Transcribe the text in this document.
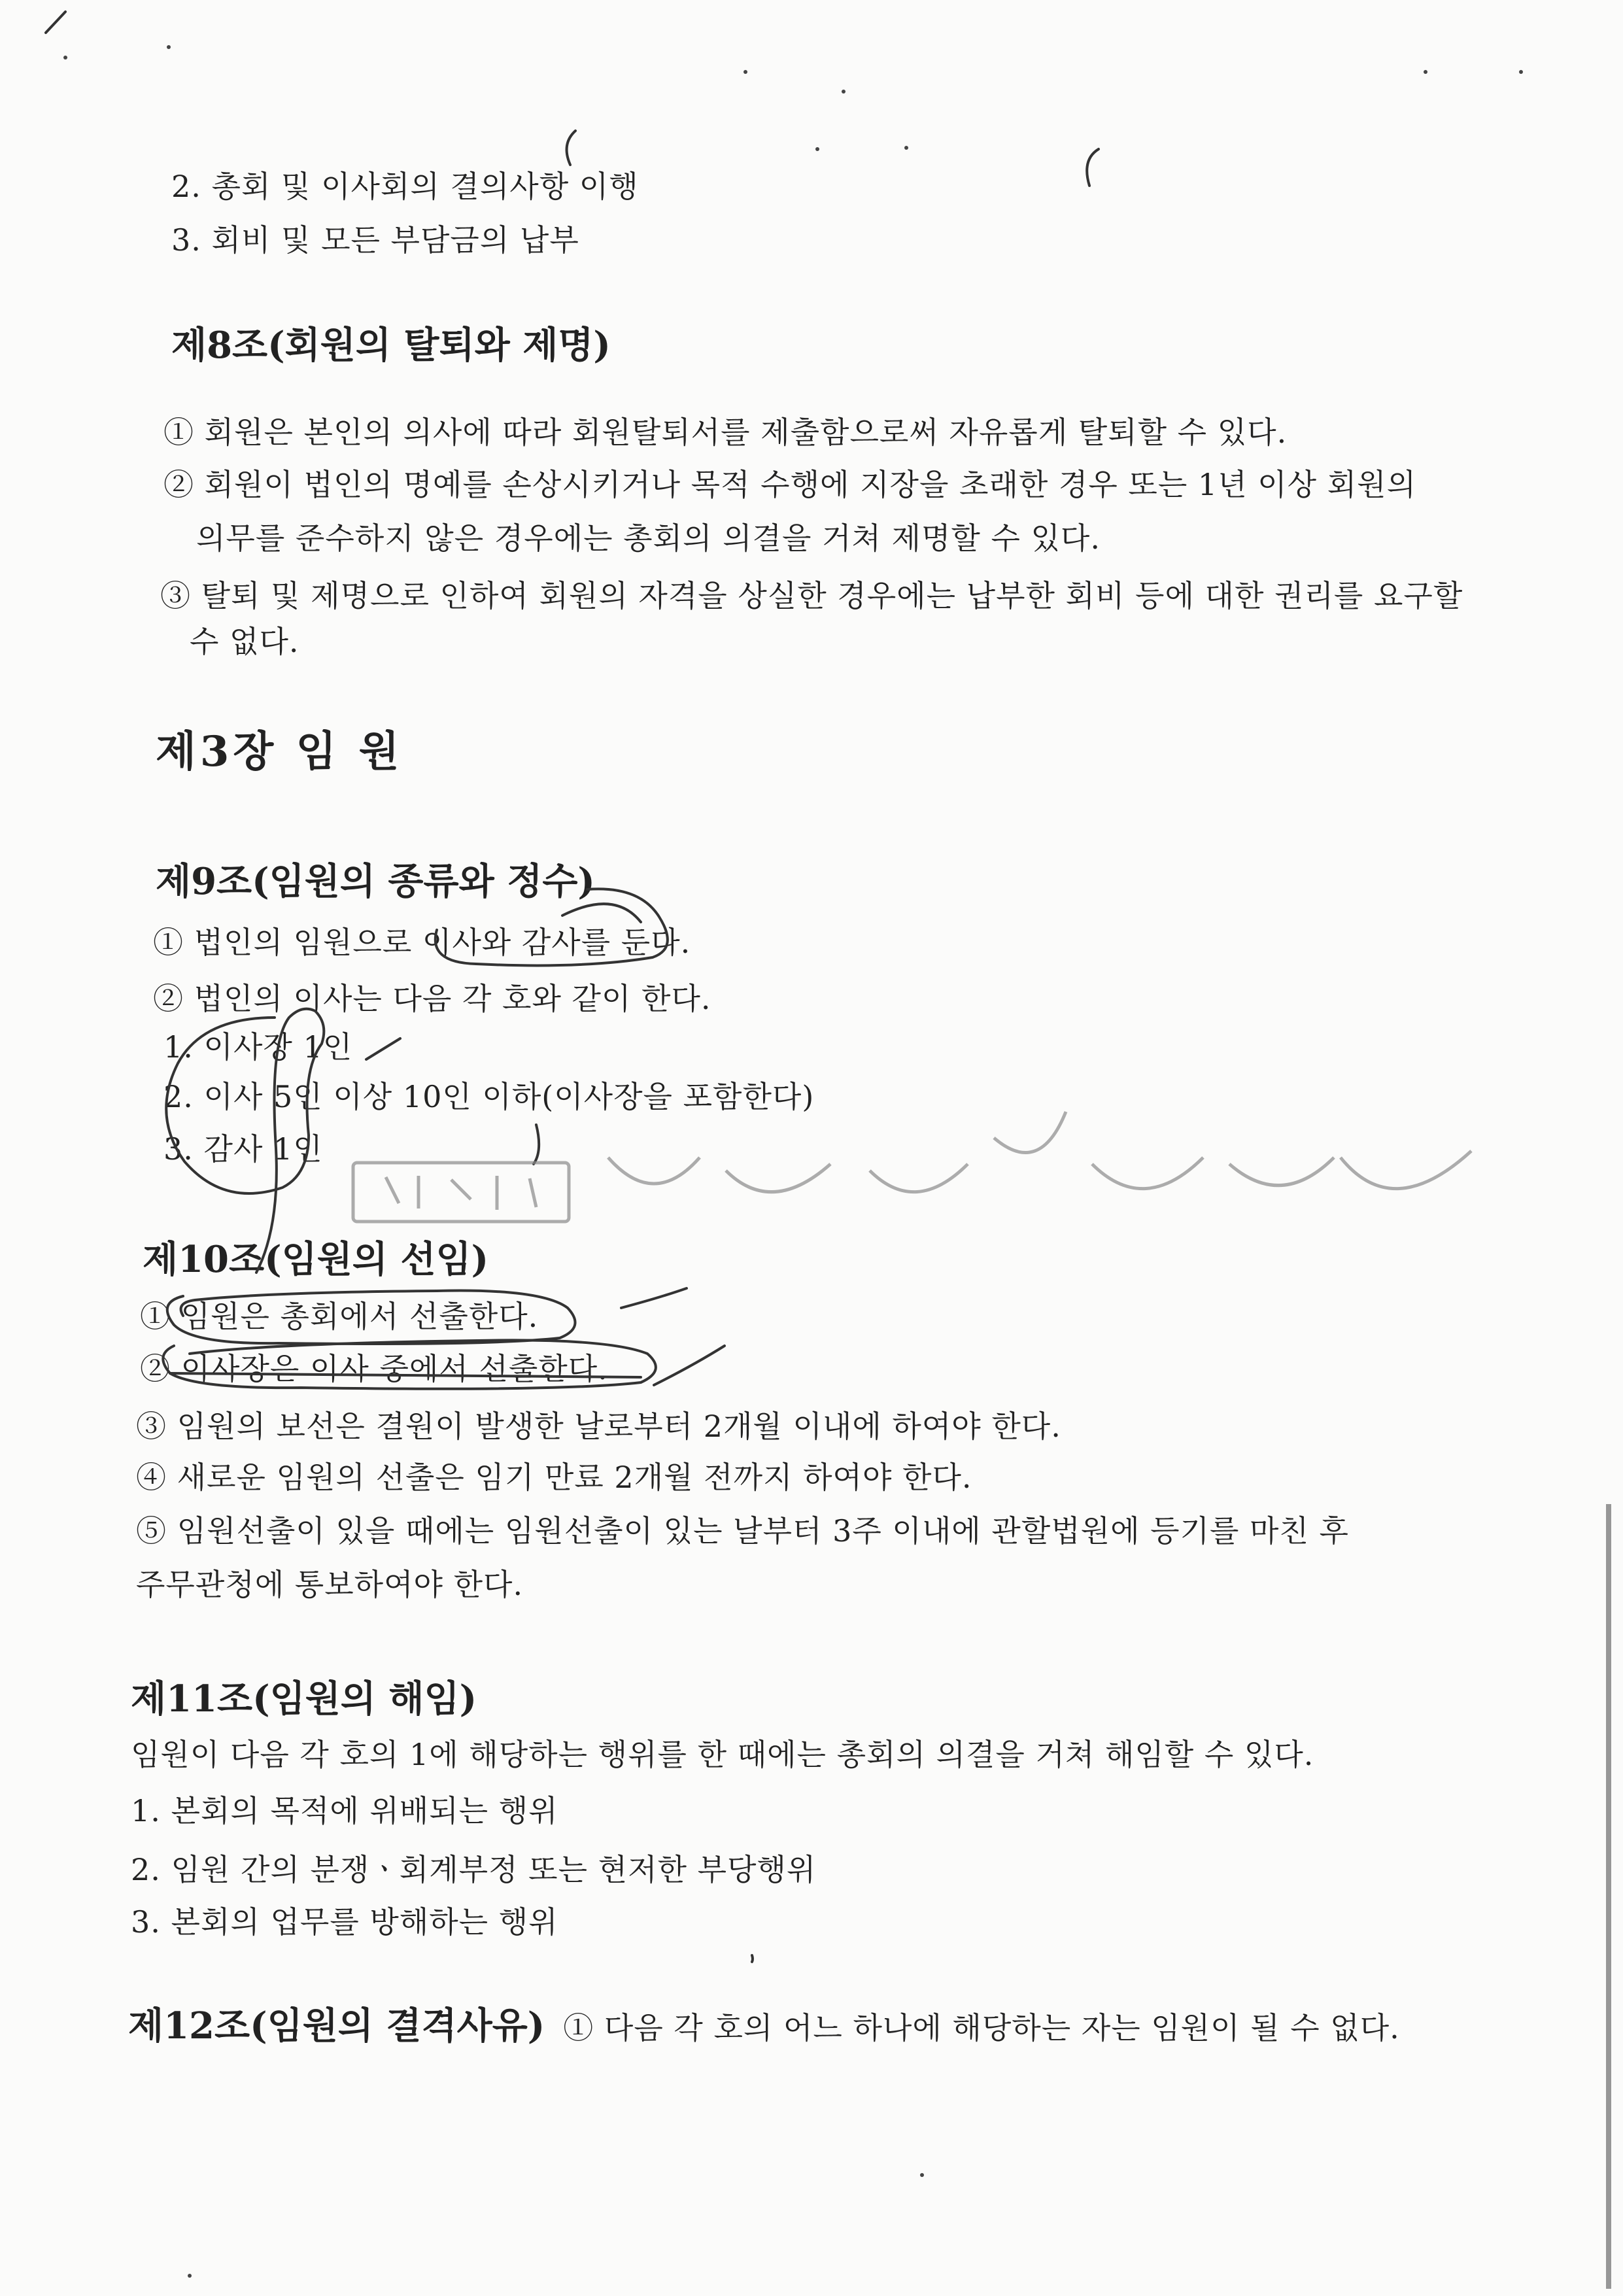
2. 총회 및 이사회의 결의사항 이행
3. 회비 및 모든 부담금의 납부
제8조(회원의 탈퇴와 제명)
① 회원은 본인의 의사에 따라 회원탈퇴서를 제출함으로써 자유롭게 탈퇴할 수 있다.
② 회원이 법인의 명예를 손상시키거나 목적 수행에 지장을 초래한 경우 또는 1년 이상 회원의
의무를 준수하지 않은 경우에는 총회의 의결을 거쳐 제명할 수 있다.
③ 탈퇴 및 제명으로 인하여 회원의 자격을 상실한 경우에는 납부한 회비 등에 대한 권리를 요구할
수 없다.
제3장 임 원
제9조(임원의 종류와 정수)
① 법인의 임원으로 이사와 감사를 둔다.
② 법인의 이사는 다음 각 호와 같이 한다.
1. 이사장 1인
2. 이사 5인 이상 10인 이하(이사장을 포함한다)
3. 감사 1인
제10조(임원의 선임)
① 임원은 총회에서 선출한다.
② 이사장은 이사 중에서 선출한다.
③ 임원의 보선은 결원이 발생한 날로부터 2개월 이내에 하여야 한다.
④ 새로운 임원의 선출은 임기 만료 2개월 전까지 하여야 한다.
⑤ 임원선출이 있을 때에는 임원선출이 있는 날부터 3주 이내에 관할법원에 등기를 마친 후
주무관청에 통보하여야 한다.
제11조(임원의 해임)
임원이 다음 각 호의 1에 해당하는 행위를 한 때에는 총회의 의결을 거쳐 해임할 수 있다.
1. 본회의 목적에 위배되는 행위
2. 임원 간의 분쟁ㆍ회계부정 또는 현저한 부당행위
3. 본회의 업무를 방해하는 행위
제12조(임원의 결격사유) ① 다음 각 호의 어느 하나에 해당하는 자는 임원이 될 수 없다.
